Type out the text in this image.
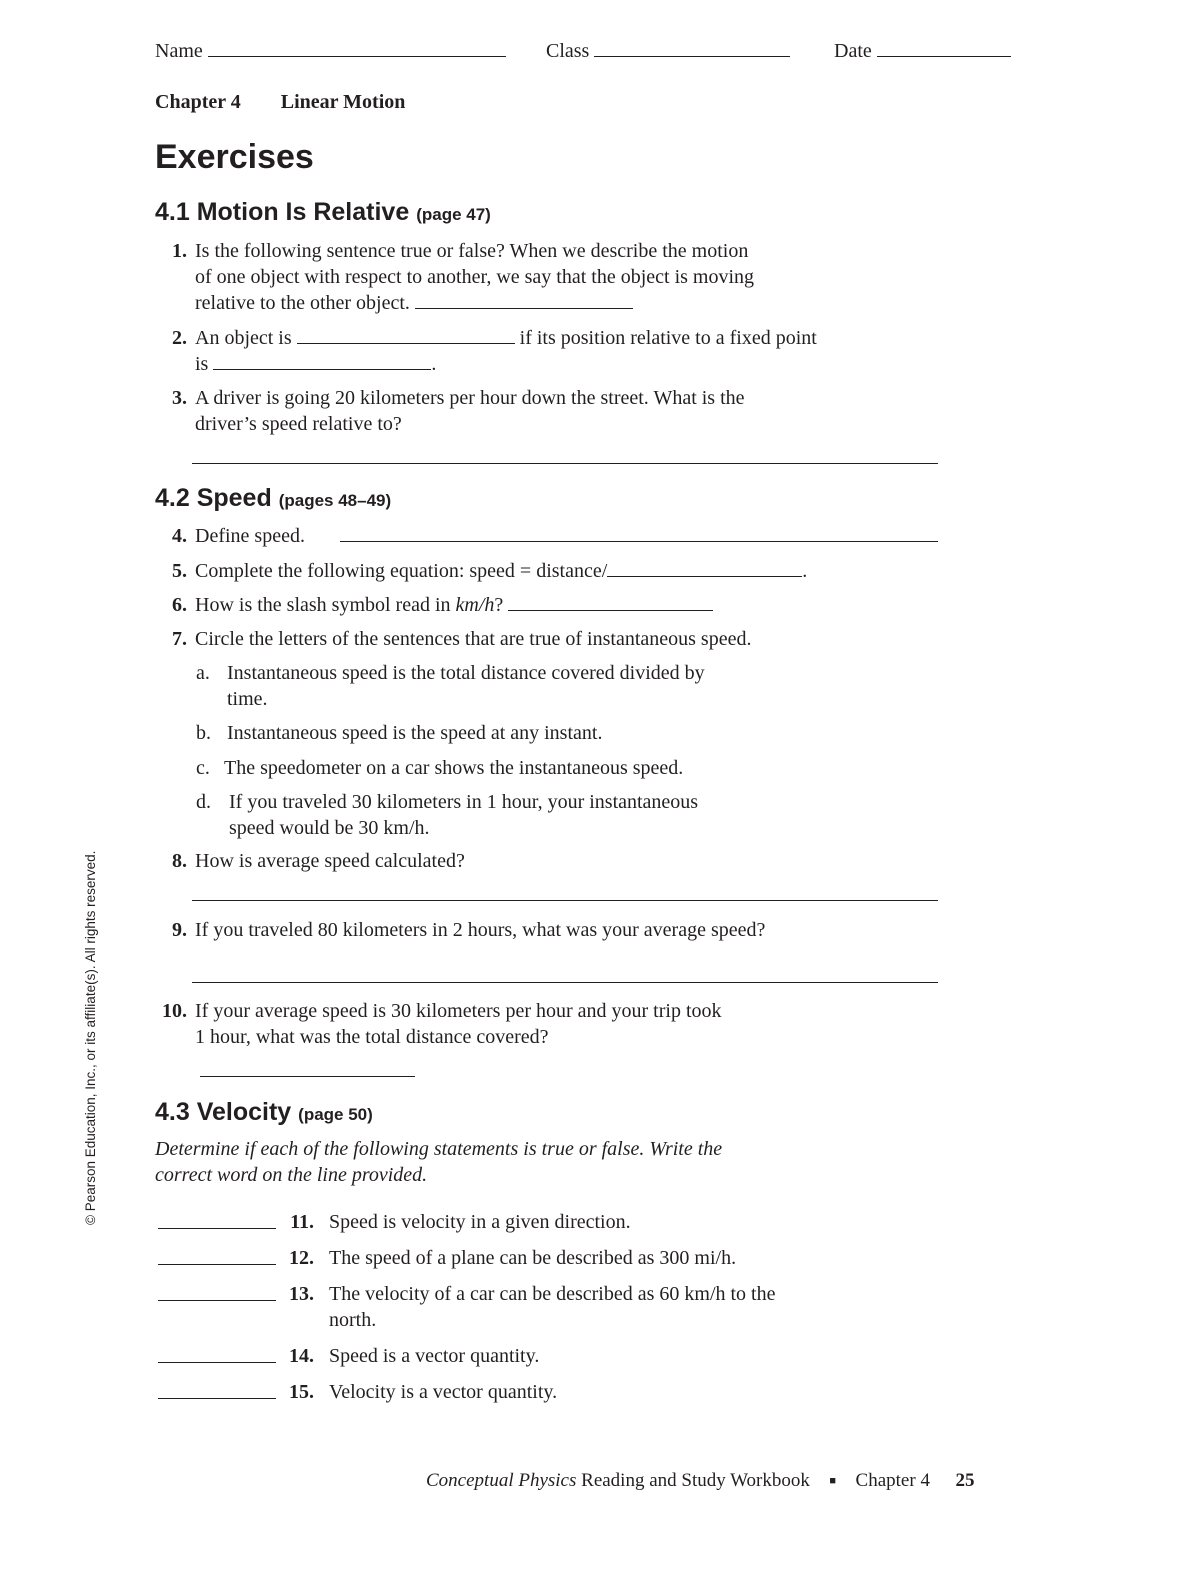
Name	Class	Date
Chapter 4 Linear Motion
Exercises
4.1 Motion Is Relative (page 47)
1. Is the following sentence true or false? When we describe the motion
of one object with respect to another, we say that the object is moving
relative to the other object.
2. An object is	if its position relative to a fixed point
is	.
3. A driver is going 20 kilometers per hour down the street. What is the
driver’s speed relative to?
4.2 Speed (pages 48–49)
4. Define speed.
5. Complete the following equation: speed = distance/	.
6. How is the slash symbol read in km/h?
7. Circle the letters of the sentences that are true of instantaneous speed.
a. Instantaneous speed is the total distance covered divided by
time.
b. Instantaneous speed is the speed at any instant.
c. The speedometer on a car shows the instantaneous speed.
d. If you traveled 30 kilometers in 1 hour, your instantaneous
speed would be 30 km/h.
8. How is average speed calculated?
9. If you traveled 80 kilometers in 2 hours, what was your average speed?
10. If your average speed is 30 kilometers per hour and your trip took
1 hour, what was the total distance covered?
4.3 Velocity (page 50)
Determine if each of the following statements is true or false. Write the
correct word on the line provided.
11. Speed is velocity in a given direction.
12. The speed of a plane can be described as 300 mi/h.
13. The velocity of a car can be described as 60 km/h to the
north.
14. Speed is a vector quantity.
15. Velocity is a vector quantity.
© Pearson Education, Inc., or its affiliate(s). All rights reserved.
Conceptual Physics Reading and Study Workbook ■ Chapter 4 25
